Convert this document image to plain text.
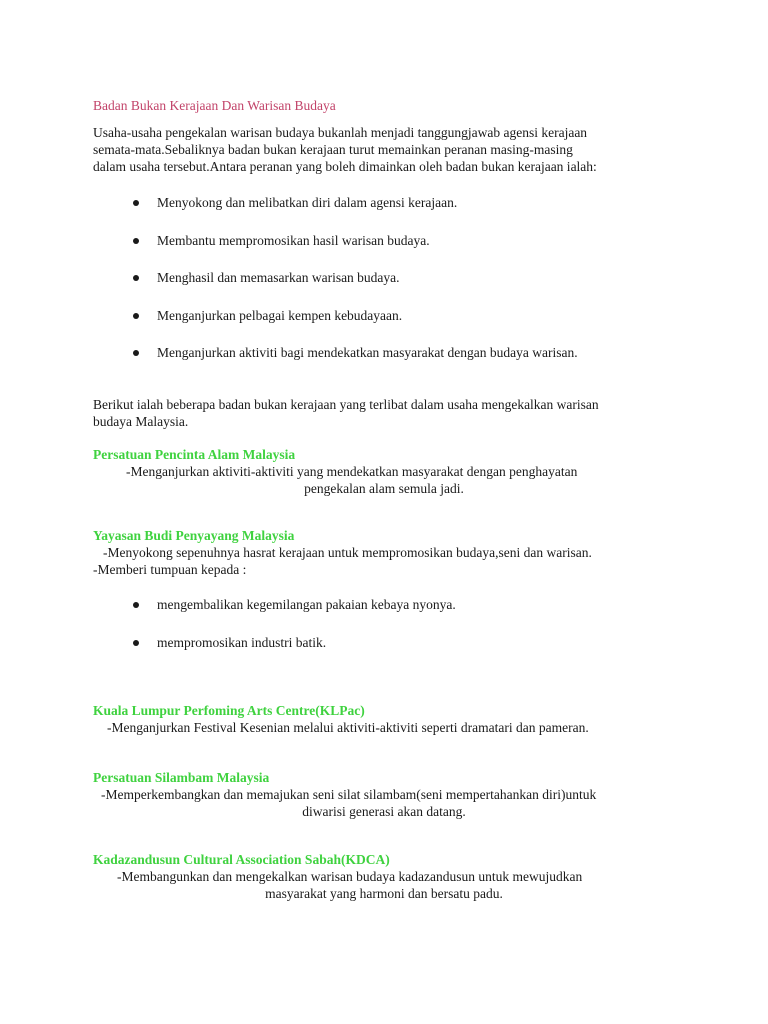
Badan Bukan Kerajaan Dan Warisan Budaya
Usaha-usaha pengekalan warisan budaya bukanlah menjadi tanggungjawab agensi kerajaan
semata-mata.Sebaliknya badan bukan kerajaan turut memainkan peranan masing-masing
dalam usaha tersebut.Antara peranan yang boleh dimainkan oleh badan bukan kerajaan ialah:
Menyokong dan melibatkan diri dalam agensi kerajaan.
Membantu mempromosikan hasil warisan budaya.
Menghasil dan memasarkan warisan budaya.
Menganjurkan pelbagai kempen kebudayaan.
Menganjurkan aktiviti bagi mendekatkan masyarakat dengan budaya warisan.
Berikut ialah beberapa badan bukan kerajaan yang terlibat dalam usaha mengekalkan warisan
budaya Malaysia.
Persatuan Pencinta Alam Malaysia
-Menganjurkan aktiviti-aktiviti yang mendekatkan masyarakat dengan penghayatan
pengekalan alam semula jadi.
Yayasan Budi Penyayang Malaysia
-Menyokong sepenuhnya hasrat kerajaan untuk mempromosikan budaya,seni dan warisan.
-Memberi tumpuan kepada :
mengembalikan kegemilangan pakaian kebaya nyonya.
mempromosikan industri batik.
Kuala Lumpur Perfoming Arts Centre(KLPac)
-Menganjurkan Festival Kesenian melalui aktiviti-aktiviti seperti dramatari dan pameran.
Persatuan Silambam Malaysia
-Memperkembangkan dan memajukan seni silat silambam(seni mempertahankan diri)untuk
diwarisi generasi akan datang.
Kadazandusun Cultural Association Sabah(KDCA)
-Membangunkan dan mengekalkan warisan budaya kadazandusun untuk mewujudkan
masyarakat yang harmoni dan bersatu padu.
